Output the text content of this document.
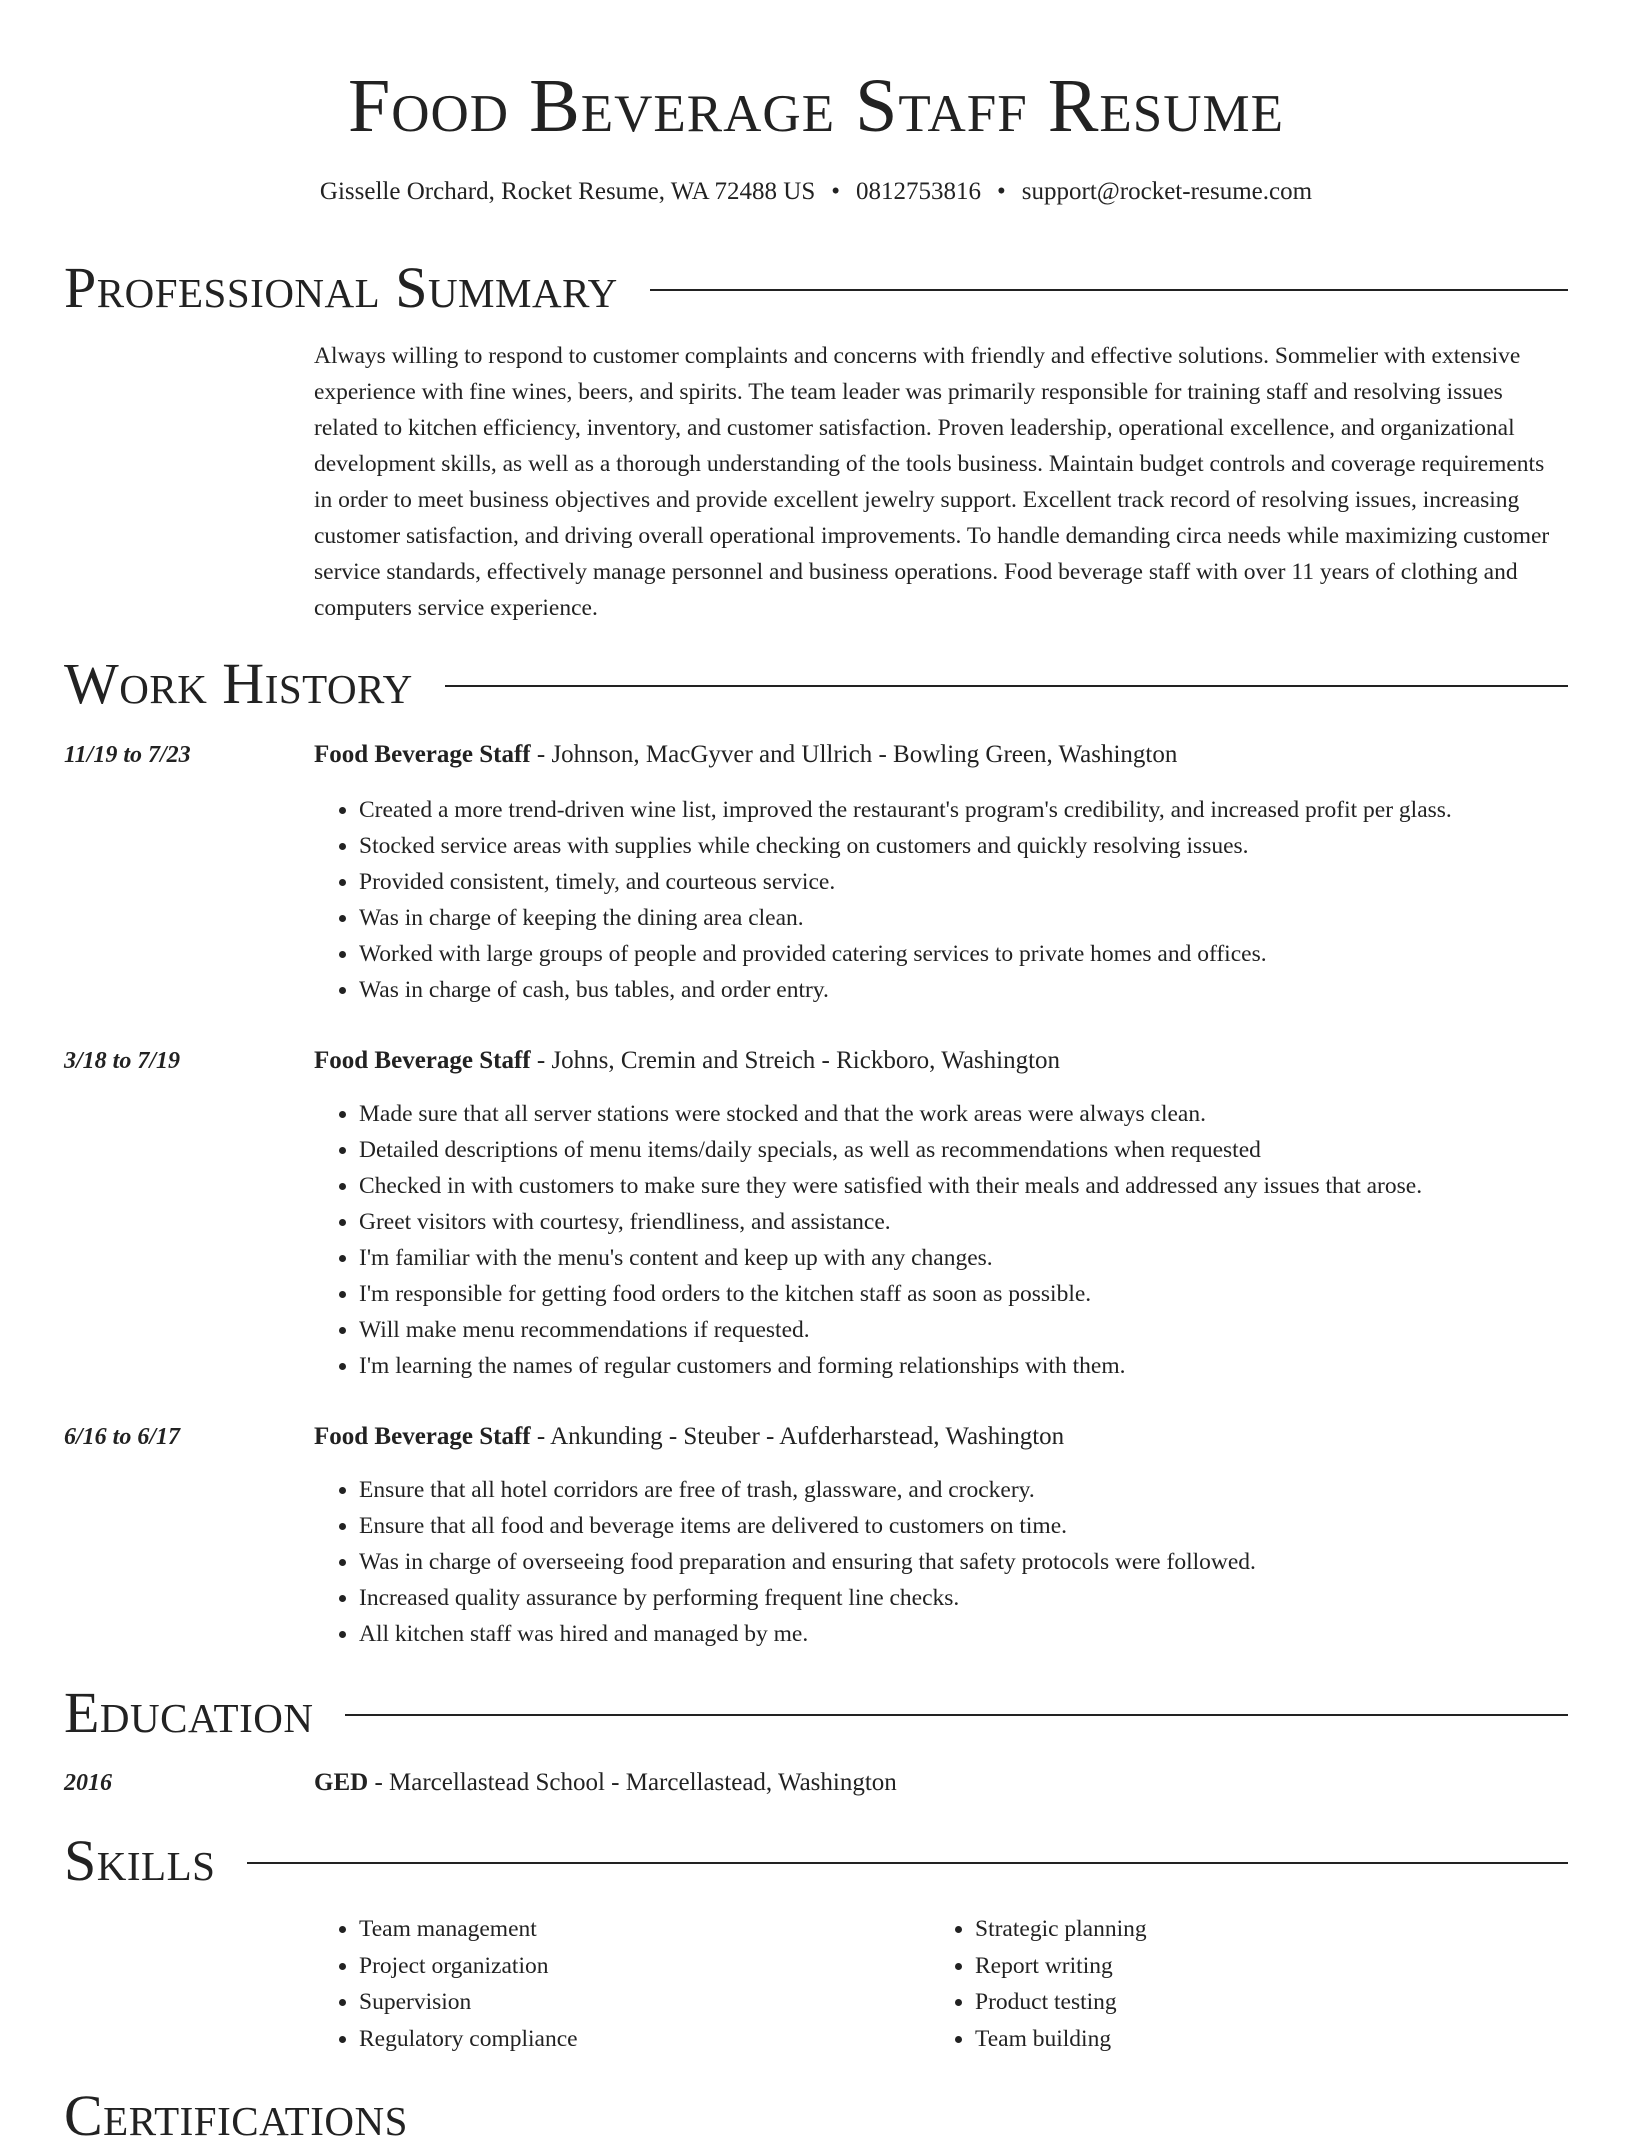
Food Beverage Staff Resume
Gisselle Orchard, Rocket Resume, WA 72488 US • 0812753816 • support@rocket-resume.com
Professional Summary

Always willing to respond to customer complaints and concerns with friendly and effective solutions. Sommelier with extensive experience with fine wines, beers, and spirits. The team leader was primarily responsible for training staff and resolving issues related to kitchen efficiency, inventory, and customer satisfaction. Proven leadership, operational excellence, and organizational development skills, as well as a thorough understanding of the tools business. Maintain budget controls and coverage requirements in order to meet business objectives and provide excellent jewelry support. Excellent track record of resolving issues, increasing customer satisfaction, and driving overall operational improvements. To handle demanding circa needs while maximizing customer service standards, effectively manage personnel and business operations. Food beverage staff with over 11 years of clothing and computers service experience.

Work History
11/19 to 7/23	Food Beverage Staff - Johnson, MacGyver and Ullrich - Bowling Green, Washington
• Created a more trend-driven wine list, improved the restaurant's program's credibility, and increased profit per glass.
• Stocked service areas with supplies while checking on customers and quickly resolving issues.
• Provided consistent, timely, and courteous service.
• Was in charge of keeping the dining area clean.
• Worked with large groups of people and provided catering services to private homes and offices.
• Was in charge of cash, bus tables, and order entry.
3/18 to 7/19	Food Beverage Staff - Johns, Cremin and Streich - Rickboro, Washington
• Made sure that all server stations were stocked and that the work areas were always clean.
• Detailed descriptions of menu items/daily specials, as well as recommendations when requested
• Checked in with customers to make sure they were satisfied with their meals and addressed any issues that arose.
• Greet visitors with courtesy, friendliness, and assistance.
• I'm familiar with the menu's content and keep up with any changes.
• I'm responsible for getting food orders to the kitchen staff as soon as possible.
• Will make menu recommendations if requested.
• I'm learning the names of regular customers and forming relationships with them.
6/16 to 6/17	Food Beverage Staff - Ankunding - Steuber - Aufderharstead, Washington
• Ensure that all hotel corridors are free of trash, glassware, and crockery.
• Ensure that all food and beverage items are delivered to customers on time.
• Was in charge of overseeing food preparation and ensuring that safety protocols were followed.
• Increased quality assurance by performing frequent line checks.
• All kitchen staff was hired and managed by me.
Education
2016	GED - Marcellastead School - Marcellastead, Washington
Skills
• Team management
• Project organization
• Supervision
• Regulatory compliance
• Strategic planning
• Report writing
• Product testing
• Team building
Certifications
